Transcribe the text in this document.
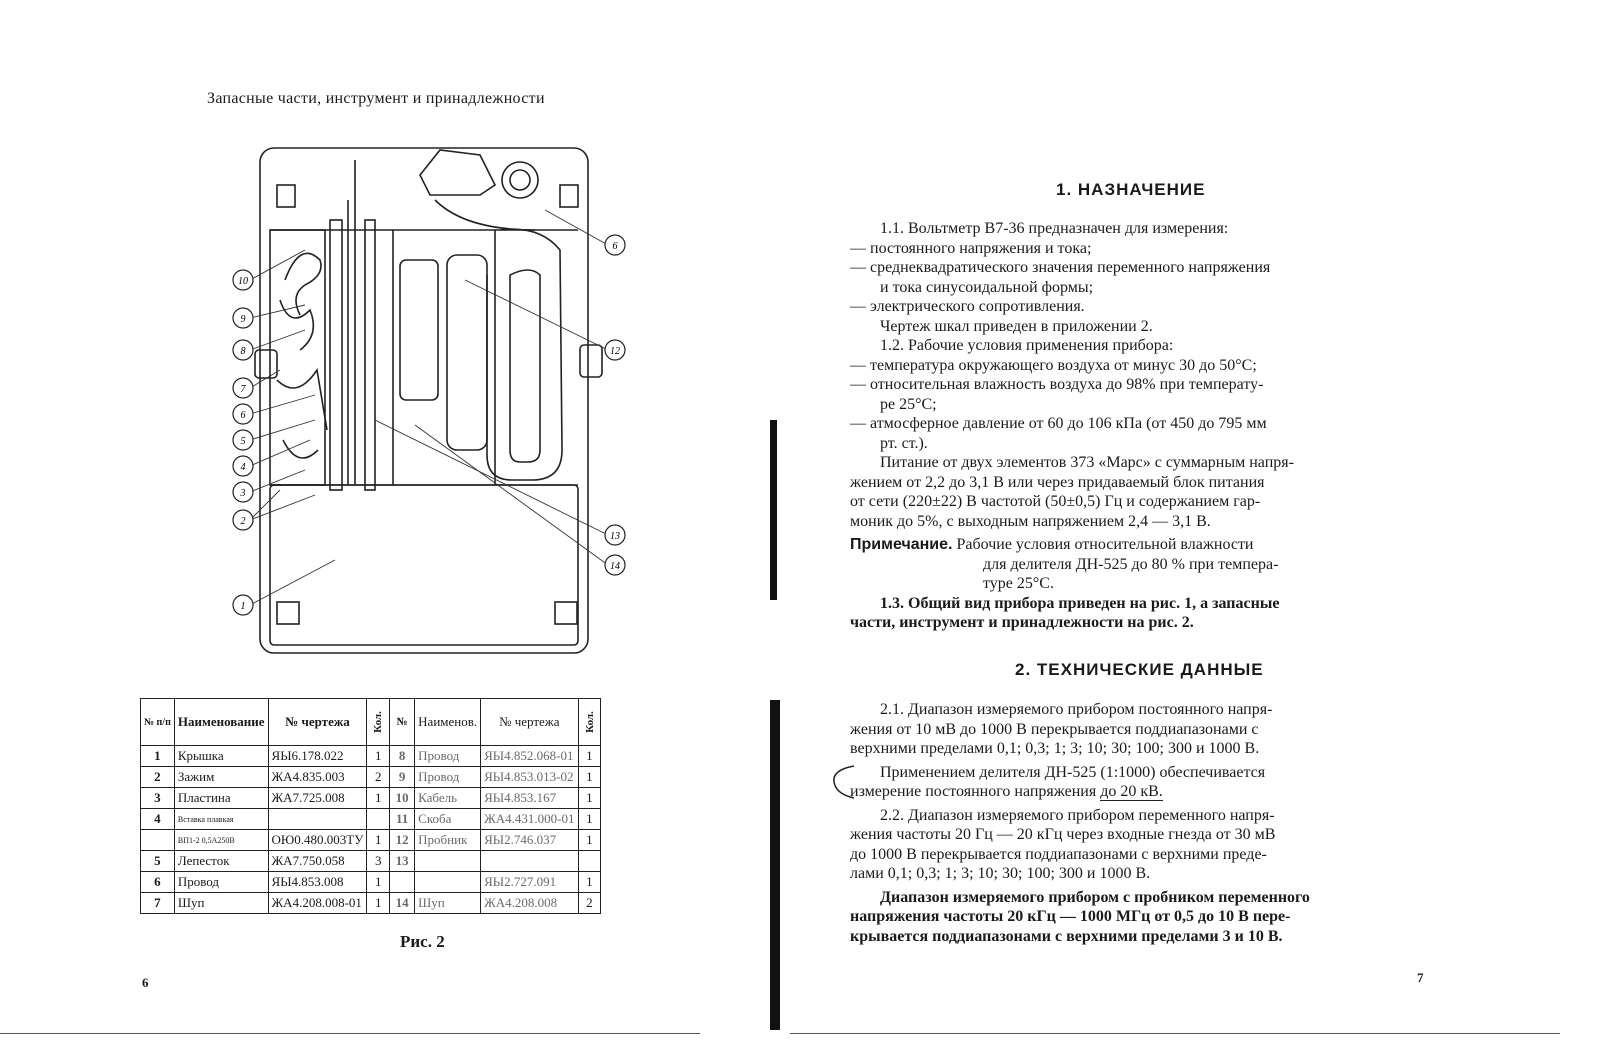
Запасные части, инструмент и принадлежности
1
2
3
4
5
6
7
8
9
10
6
12
13
14
№ п/п	Наименование	№ чертежа	Кол.	№	Наименов.	№ чертежа	Кол.
1	Крышка	ЯЫ6.178.022	1	8	Провод	ЯЫ4.852.068-01	1
2	Зажим	ЖА4.835.003	2	9	Провод	ЯЫ4.853.013-02	1
3	Пластина	ЖА7.725.008	1	10	Кабель	ЯЫ4.853.167	1
4	Вставка плавкая			11	Скоба	ЖА4.431.000-01	1
	ВП1-2 0,5А250В	ОЮ0.480.003ТУ	1	12	Пробник	ЯЫ2.746.037	1
5	Лепесток	ЖА7.750.058	3	13			
6	Провод	ЯЫ4.853.008	1			ЯЫ2.727.091	1
7	Шуп	ЖА4.208.008-01	1	14	Шуп	ЖА4.208.008	2
Рис. 2
6
1. НАЗНАЧЕНИЕ

1.1. Вольтметр В7-36 предназначен для измерения:

— постоянного напряжения и тока;

— среднеквадратического значения переменного напряжения

и тока синусоидальной формы;

— электрического сопротивления.

Чертеж шкал приведен в приложении 2.

1.2. Рабочие условия применения прибора:

— температура окружающего воздуха от минус 30 до 50°С;

— относительная влажность воздуха до 98% при температу-

ре 25°С;

— атмосферное давление от 60 до 106 кПа (от 450 до 795 мм

рт. ст.).

Питание от двух элементов 373 «Марс» с суммарным напря-

жением от 2,2 до 3,1 В или через придаваемый блок питания

от сети (220±22) В частотой (50±0,5) Гц и содержанием гар-

моник до 5%, с выходным напряжением 2,4 — 3,1 В.

Примечание. Рабочие условия относительной влажности

для делителя ДН-525 до 80 % при темпера-

туре 25°С.

1.3. Общий вид прибора приведен на рис. 1, а запасные

части, инструмент и принадлежности на рис. 2.

2. ТЕХНИЧЕСКИЕ ДАННЫЕ

2.1. Диапазон измеряемого прибором постоянного напря-

жения от 10 мВ до 1000 В перекрывается поддиапазонами с

верхними пределами 0,1; 0,3; 1; 3; 10; 30; 100; 300 и 1000 В.

Применением делителя ДН-525 (1:1000) обеспечивается

измерение постоянного напряжения до 20 кВ.

2.2. Диапазон измеряемого прибором переменного напря-

жения частоты 20 Гц — 20 кГц через входные гнезда от 30 мВ

до 1000 В перекрывается поддиапазонами с верхними преде-

лами 0,1; 0,3; 1; 3; 10; 30; 100; 300 и 1000 В.

Диапазон измеряемого прибором с пробником переменного

напряжения частоты 20 кГц — 1000 МГц от 0,5 до 10 В пере-

крывается поддиапазонами с верхними пределами 3 и 10 В.

7
